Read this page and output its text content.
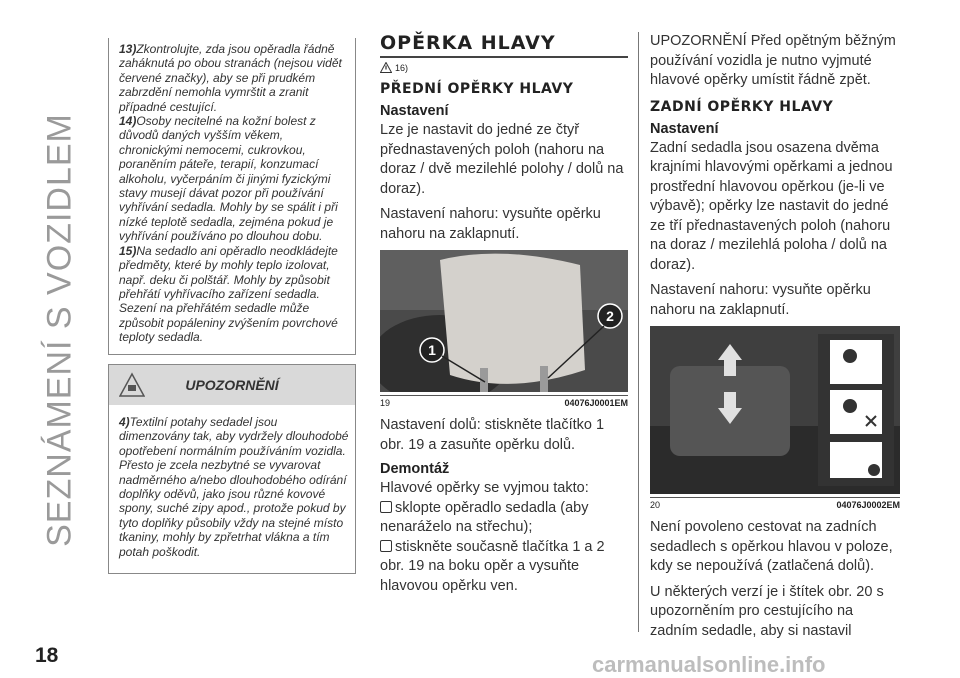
SEZNÁMENÍ S VOZIDLEM
18	carmanualsonline.info

13)Zkontrolujte, zda jsou opěradla řádně zaháknutá po obou stranách (nejsou vidět červené značky), aby se při prudkém zabrzdění nemohla vymrštit a zranit případné cestující.

14)Osoby necitelné na kožní bolest z důvodů daných vyšším věkem, chronickými nemocemi, cukrovkou, poraněním páteře, terapií, konzumací alkoholu, vyčerpáním či jinými fyzickými stavy musejí dávat pozor při používání vyhřívání sedadla. Mohly by se spálit i při nízké teplotě sedadla, zejména pokud je vyhřívání používáno po dlouhou dobu.

15)Na sedadlo ani opěradlo neodkládejte předměty, které by mohly teplo izolovat, např. deku či polštář. Mohly by způsobit přehřátí vyhřívacího zařízení sedadla. Sezení na přehřátém sedadle může způsobit popáleniny zvýšením povrchové teploty sedadla.

UPOZORNĚNÍ

4)Textilní potahy sedadel jsou dimenzovány tak, aby vydržely dlouhodobé opotřebení normálním používáním vozidla. Přesto je zcela nezbytné se vyvarovat nadměrného a/nebo dlouhodobého odírání doplňky oděvů, jako jsou různé kovové spony, suché zipy apod., protože pokud by tyto doplňky působily vždy na stejné místo tkaniny, mohly by zpřetrhat vlákna a tím potah poškodit.

OPĚRKA HLAVY
16)
PŘEDNÍ OPĚRKY HLAVY
Nastavení

Lze je nastavit do jedné ze čtyř přednastavených poloh (nahoru na doraz / dvě mezilehlé polohy / dolů na doraz).

Nastavení nahoru: vysuňte opěrku nahoru na zaklapnutí.

1
2
19	04076J0001EM

Nastavení dolů: stiskněte tlačítko 1 obr. 19 a zasuňte opěrku dolů.

Demontáž

Hlavové opěrky se vyjmou takto:

sklopte opěradlo sedadla (aby nenaráželo na střechu);

stiskněte současně tlačítka 1 a 2 obr. 19 na boku opěr a vysuňte hlavovou opěrku ven.

UPOZORNĚNÍ Před opětným běžným používání vozidla je nutno vyjmuté hlavové opěrky umístit řádně zpět.

ZADNÍ OPĚRKY HLAVY
Nastavení

Zadní sedadla jsou osazena dvěma krajními hlavovými opěrkami a jednou prostřední hlavovou opěrkou (je-li ve výbavě); opěrky lze nastavit do jedné ze tří přednastavených poloh (nahoru na doraz / mezilehlá poloha / dolů na doraz).

Nastavení nahoru: vysuňte opěrku nahoru na zaklapnutí.

20	04076J0002EM

Není povoleno cestovat na zadních sedadlech s opěrkou hlavou v poloze, kdy se nepoužívá (zatlačená dolů).

U některých verzí je i štítek obr. 20 s upozorněním pro cestujícího na zadním sedadle, aby si nastavil
